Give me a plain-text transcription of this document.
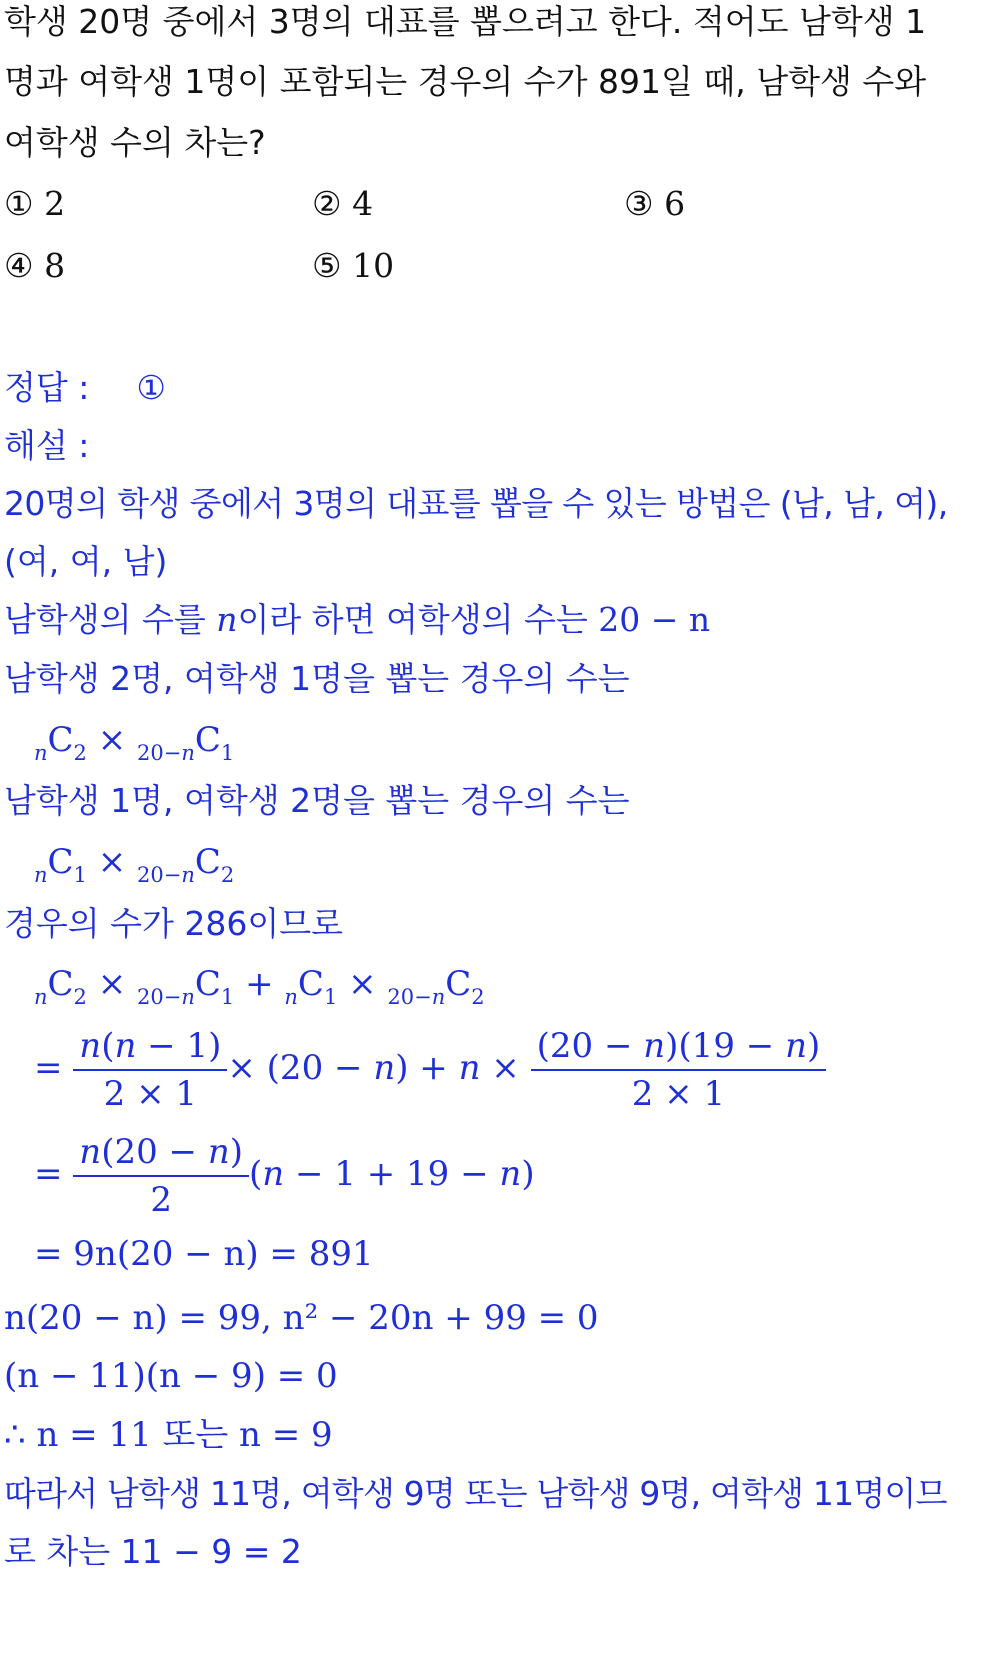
학생 20명 중에서 3명의 대표를 뽑으려고 한다. 적어도 남학생 1
명과 여학생 1명이 포함되는 경우의 수가 891일 때, 남학생 수와
여학생 수의 차는?
① 2	② 4	③ 6
④ 8	⑤ 10
정답 : ①
해설 :
20명의 학생 중에서 3명의 대표를 뽑을 수 있는 방법은 (남, 남, 여),
(여, 여, 남)
남학생의 수를 n이라 하면 여학생의 수는 20 − n
남학생 2명, 여학생 1명을 뽑는 경우의 수는
$_nC_2 \times _{20-n}C_1$
남학생 1명, 여학생 2명을 뽑는 경우의 수는
$_nC_1 \times _{20-n}C_2$
경우의 수가 286이므로
$_nC_2 \times _{20-n}C_1 + _nC_1 \times _{20-n}C_2$
= $\frac{n(n - 1)}{2 \times 1} \times (20 - n) + n \times \frac{(20 - n)(19 - n)}{2 \times 1}$
= $\frac{n(20 - n)}{2} (n - 1 + 19 - n)$
= 9n(20 − n) = 891
n(20 − n) = 99, n² − 20n + 99 = 0
(n − 11)(n − 9) = 0
∴ n = 11 또는 n = 9
따라서 남학생 11명, 여학생 9명 또는 남학생 9명, 여학생 11명이므
로 차는 11 − 9 = 2
